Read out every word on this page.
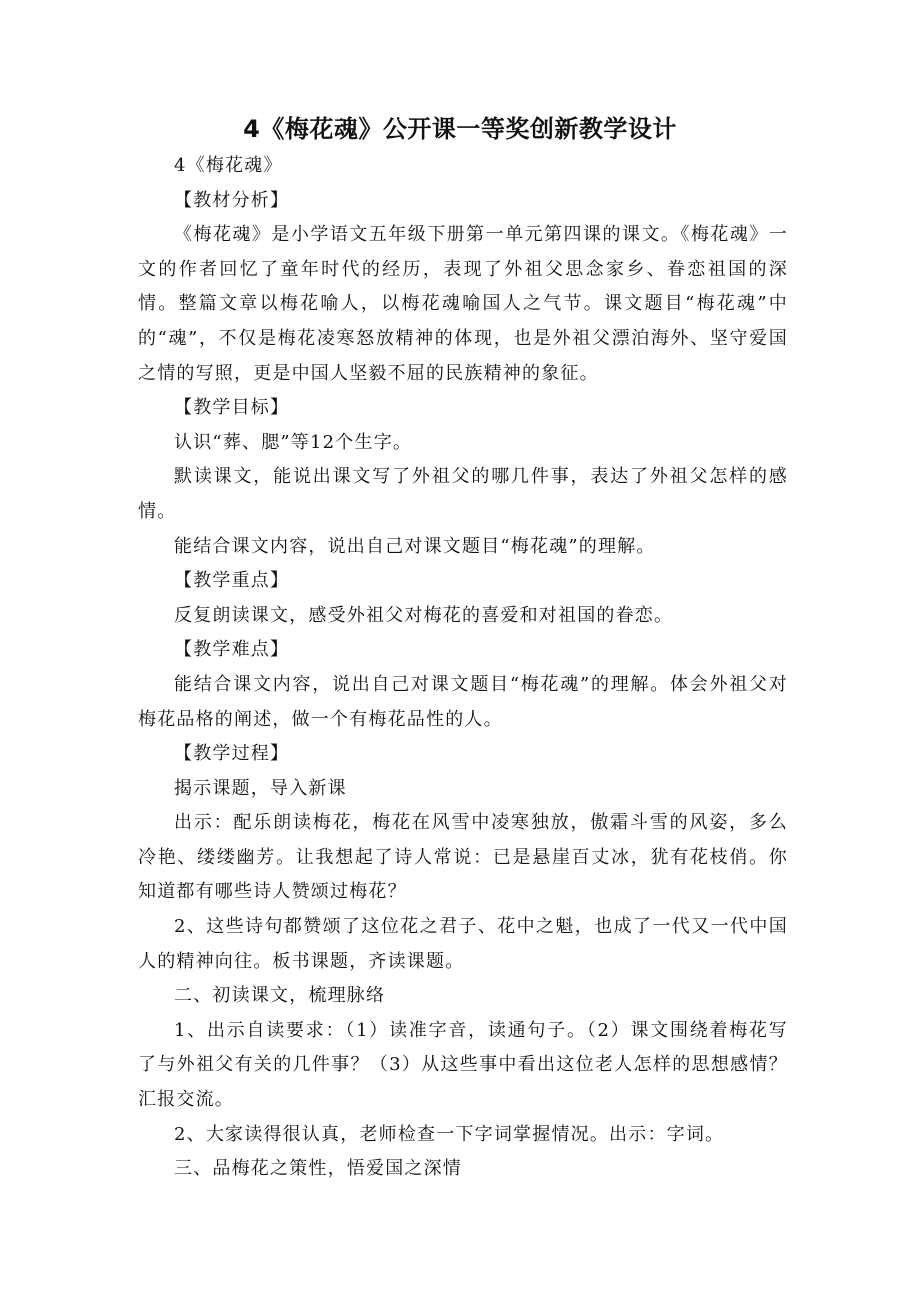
4《梅花魂》公开课一等奖创新教学设计

4《梅花魂》

【教材分析】

《梅花魂》是小学语文五年级下册第一单元第四课的课文。《梅花魂》一文的作者回忆了童年时代的经历，表现了外祖父思念家乡、眷恋祖国的深情。整篇文章以梅花喻人，以梅花魂喻国人之气节。课文题目“梅花魂”中的“魂”，不仅是梅花凌寒怒放精神的体现，也是外祖父漂泊海外、坚守爱国之情的写照，更是中国人坚毅不屈的民族精神的象征。

【教学目标】

认识“葬、腮”等12个生字。

默读课文，能说出课文写了外祖父的哪几件事，表达了外祖父怎样的感情。

能结合课文内容，说出自己对课文题目“梅花魂”的理解。

【教学重点】

反复朗读课文，感受外祖父对梅花的喜爱和对祖国的眷恋。

【教学难点】

能结合课文内容，说出自己对课文题目“梅花魂”的理解。体会外祖父对梅花品格的阐述，做一个有梅花品性的人。

【教学过程】

揭示课题，导入新课

出示：配乐朗读梅花，梅花在风雪中凌寒独放，傲霜斗雪的风姿，多么冷艳、缕缕幽芳。让我想起了诗人常说：已是悬崖百丈冰，犹有花枝俏。你知道都有哪些诗人赞颂过梅花？

2、这些诗句都赞颂了这位花之君子、花中之魁，也成了一代又一代中国人的精神向往。板书课题，齐读课题。

二、初读课文，梳理脉络

1、出示自读要求：（1）读准字音，读通句子。（2）课文围绕着梅花写了与外祖父有关的几件事？（3）从这些事中看出这位老人怎样的思想感情？汇报交流。

2、大家读得很认真，老师检查一下字词掌握情况。出示：字词。

三、品梅花之策性，悟爱国之深情
